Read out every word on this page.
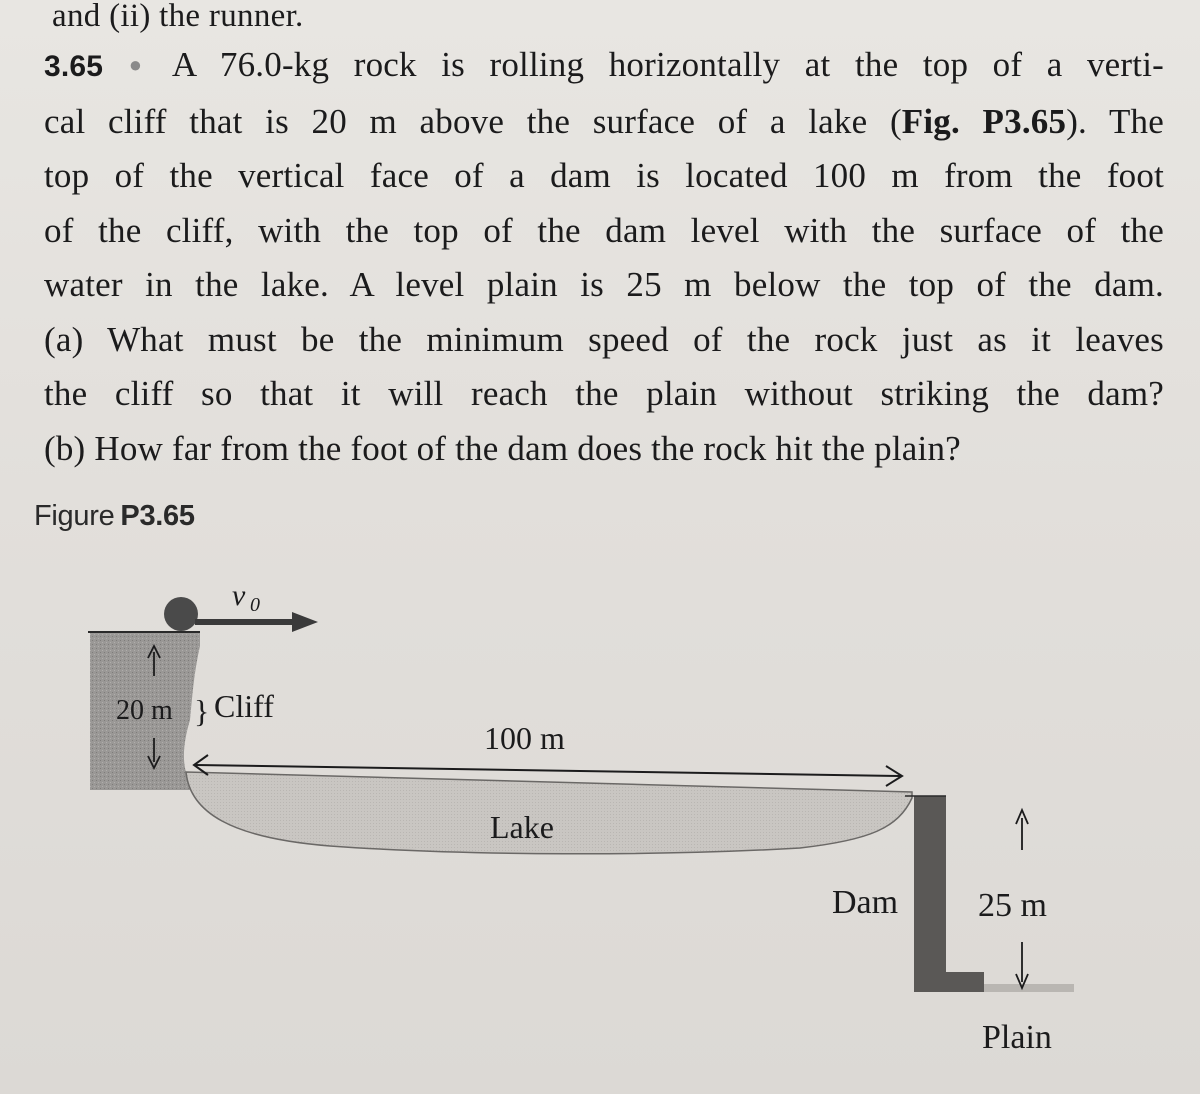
and (ii) the runner.
3.65 ● A 76.0-kg rock is rolling horizontally at the top of a verti-
cal cliff that is 20 m above the surface of a lake (Fig. P3.65). The
top of the vertical face of a dam is located 100 m from the foot
of the cliff, with the top of the dam level with the surface of the
water in the lake. A level plain is 25 m below the top of the dam.
(a) What must be the minimum speed of the rock just as it leaves
the cliff so that it will reach the plain without striking the dam?
(b) How far from the foot of the dam does the rock hit the plain?
Figure P3.65
v 0
20 m } Cliff
100 m
Lake
Dam 25 m
Plain
